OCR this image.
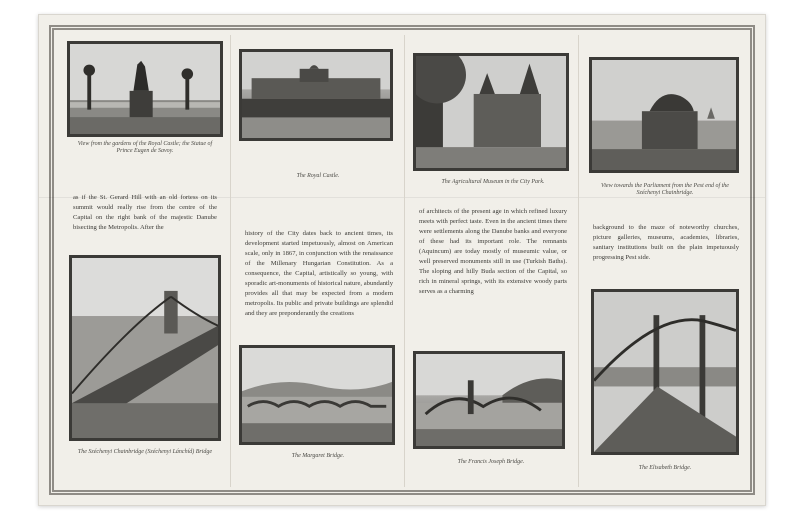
View from the gardens of the Royal Castle; the Statue of Prince Eugen de Savoy.
as if the St. Gerard Hill with an old fortess on its summit would really rise from the centre of the Capital on the right bank of the majestic Danube bisecting the Metropolis. After the
The Széchenyi Chainbridge (Széchenyi Lánchíd) Bridge
The Royal Castle.
history of the City dates back to ancient times, its development started impetuously, almost on American scale, only in 1867, in conjunction with the renaissance of the Millenary Hungarian Constitution. As a consequence, the Capital, artistically so young, with sporadic art-monuments of historical nature, abundantly provides all that may be expected from a modern metropolis. Its public and private buildings are splendid and they are preponderantly the creations
The Margaret Bridge.
The Agricultural Museum in the City Park.
of architects of the present age in which refined luxury meets with perfect taste. Even in the ancient times there were settlements along the Danube banks and everyone of these had its important role. The remnants (Aquincum) are today mostly of museumic value, or well preserved monuments still in use (Turkish Baths). The sloping and hilly Buda section of the Capital, so rich in mineral springs, with its extensive woody parts serves as a charming
The Francis Joseph Bridge.
View towards the Parliament from the Pest end of the Széchenyi Chainbridge.
background to the maze of noteworthy churches, picture galleries, museums, academies, libraries, sanitary institutions built on the plain impetuously progressing Pest side.
The Elisabeth Bridge.
